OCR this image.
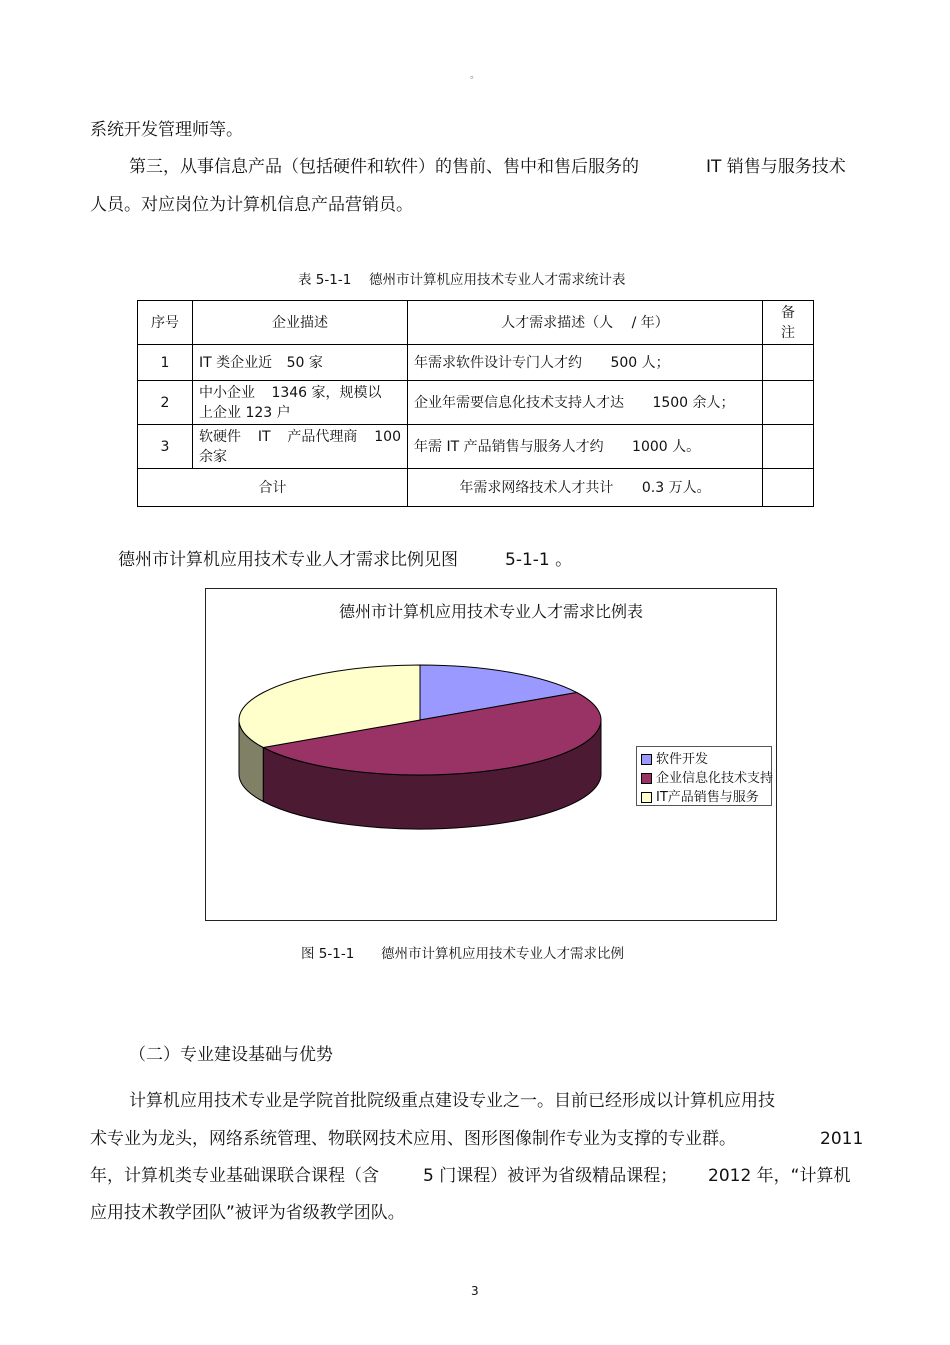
。
系统开发管理师等。
第三，从事信息产品（包括硬件和软件）的售前、售中和售后服务的	IT 销售与服务技术
人员。对应岗位为计算机信息产品营销员。
表 5-1-1 德州市计算机应用技术专业人才需求统计表
序号	企业描述	人才需求描述（人 / 年）	备
注

1	IT 类企业近 50 家	年需求软件设计专门人才约 500 人；	
2	中小企业 1346 家，规模以
上企业 123 户	企业年需要信息化技术支持人才达 1500 余人；	
3	软硬件 IT 产品代理商 100
余家	年需 IT 产品销售与服务人才约 1000 人。	
合计		年需求网络技术人才共计 0.3 万人。	
德州市计算机应用技术专业人才需求比例见图	5-1-1 。
德州市计算机应用技术专业人才需求比例表
软件开发
企业信息化技术支持
IT产品销售与服务
图 5-1-1 德州市计算机应用技术专业人才需求比例
（二）专业建设基础与优势
计算机应用技术专业是学院首批院级重点建设专业之一。目前已经形成以计算机应用技
术专业为龙头，网络系统管理、物联网技术应用、图形图像制作专业为支撑的专业群。	2011
年，计算机类专业基础课联合课程（含	5 门课程）被评为省级精品课程； 2012 年，“计算机
应用技术教学团队”被评为省级教学团队。
3
